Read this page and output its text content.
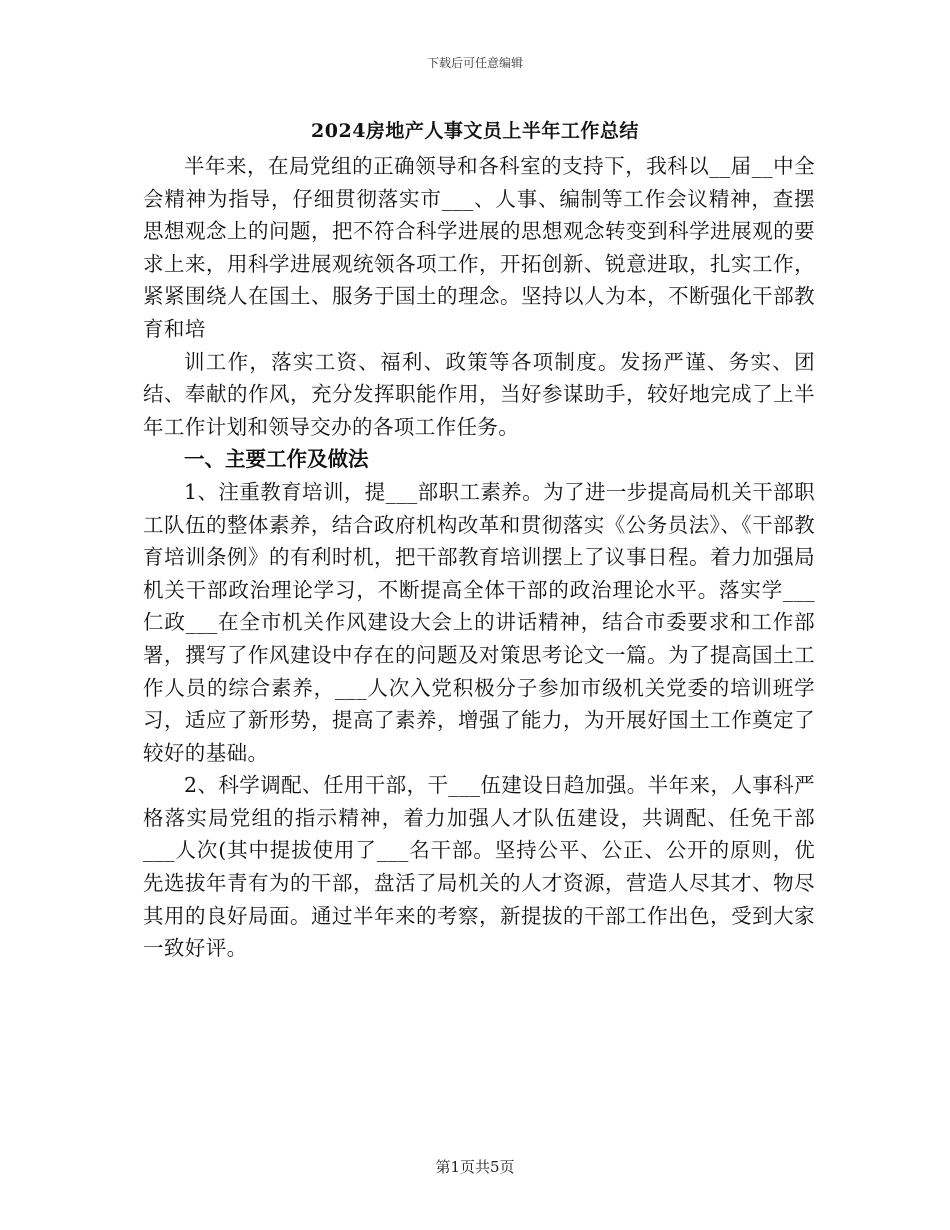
下载后可任意编辑
2024房地产人事文员上半年工作总结

半年来，在局党组的正确领导和各科室的支持下，我科以__届__中全会精神为指导，仔细贯彻落实市___、人事、编制等工作会议精神，查摆思想观念上的问题，把不符合科学进展的思想观念转变到科学进展观的要求上来，用科学进展观统领各项工作，开拓创新、锐意进取，扎实工作，紧紧围绕人在国土、服务于国土的理念。坚持以人为本，不断强化干部教育和培

训工作，落实工资、福利、政策等各项制度。发扬严谨、务实、团结、奉献的作风，充分发挥职能作用，当好参谋助手，较好地完成了上半年工作计划和领导交办的各项工作任务。

一、主要工作及做法

1、注重教育培训，提___部职工素养。为了进一步提高局机关干部职工队伍的整体素养，结合政府机构改革和贯彻落实《公务员法》、《干部教育培训条例》的有利时机，把干部教育培训摆上了议事日程。着力加强局机关干部政治理论学习，不断提高全体干部的政治理论水平。落实学___仁政___在全市机关作风建设大会上的讲话精神，结合市委要求和工作部署，撰写了作风建设中存在的问题及对策思考论文一篇。为了提高国土工作人员的综合素养，___人次入党积极分子参加市级机关党委的培训班学习，适应了新形势，提高了素养，增强了能力，为开展好国土工作奠定了较好的基础。

2、科学调配、任用干部，干___伍建设日趋加强。半年来，人事科严格落实局党组的指示精神，着力加强人才队伍建设，共调配、任免干部___人次(其中提拔使用了___名干部。坚持公平、公正、公开的原则，优先选拔年青有为的干部，盘活了局机关的人才资源，营造人尽其才、物尽其用的良好局面。通过半年来的考察，新提拔的干部工作出色，受到大家一致好评。

第1页共5页
